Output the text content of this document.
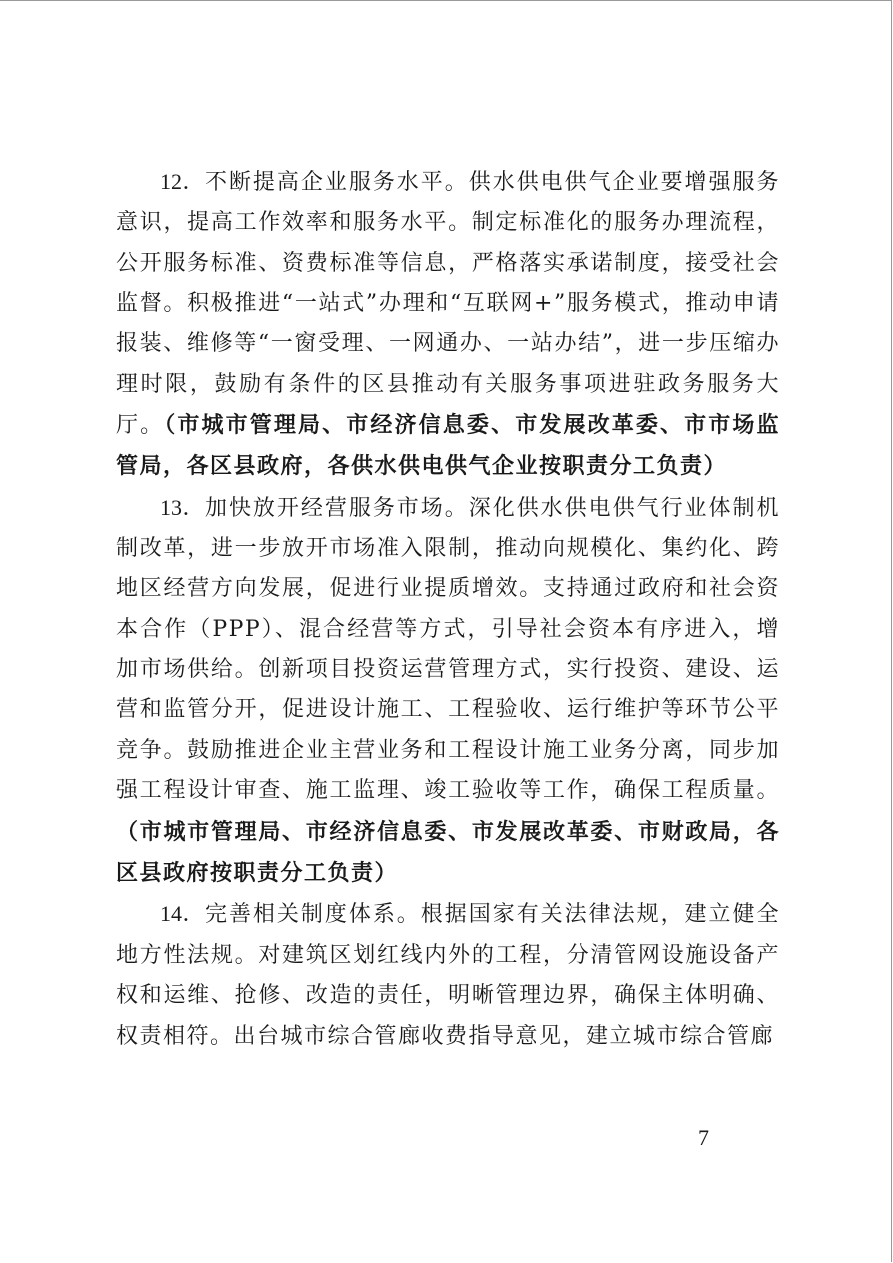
12．不断提高企业服务水平。供水供电供气企业要增强服务意识，提高工作效率和服务水平。制定标准化的服务办理流程，公开服务标准、资费标准等信息，严格落实承诺制度，接受社会监督。积极推进“一站式”办理和“互联网+”服务模式，推动申请报装、维修等“一窗受理、一网通办、一站办结”，进一步压缩办理时限，鼓励有条件的区县推动有关服务事项进驻政务服务大厅。（市城市管理局、市经济信息委、市发展改革委、市市场监管局，各区县政府，各供水供电供气企业按职责分工负责）

13．加快放开经营服务市场。深化供水供电供气行业体制机制改革，进一步放开市场准入限制，推动向规模化、集约化、跨地区经营方向发展，促进行业提质增效。支持通过政府和社会资本合作（PPP）、混合经营等方式，引导社会资本有序进入，增加市场供给。创新项目投资运营管理方式，实行投资、建设、运营和监管分开，促进设计施工、工程验收、运行维护等环节公平竞争。鼓励推进企业主营业务和工程设计施工业务分离，同步加强工程设计审查、施工监理、竣工验收等工作，确保工程质量。（市城市管理局、市经济信息委、市发展改革委、市财政局，各区县政府按职责分工负责）

14．完善相关制度体系。根据国家有关法律法规，建立健全地方性法规。对建筑区划红线内外的工程，分清管网设施设备产权和运维、抢修、改造的责任，明晰管理边界，确保主体明确、权责相符。出台城市综合管廊收费指导意见，建立城市综合管廊

7
